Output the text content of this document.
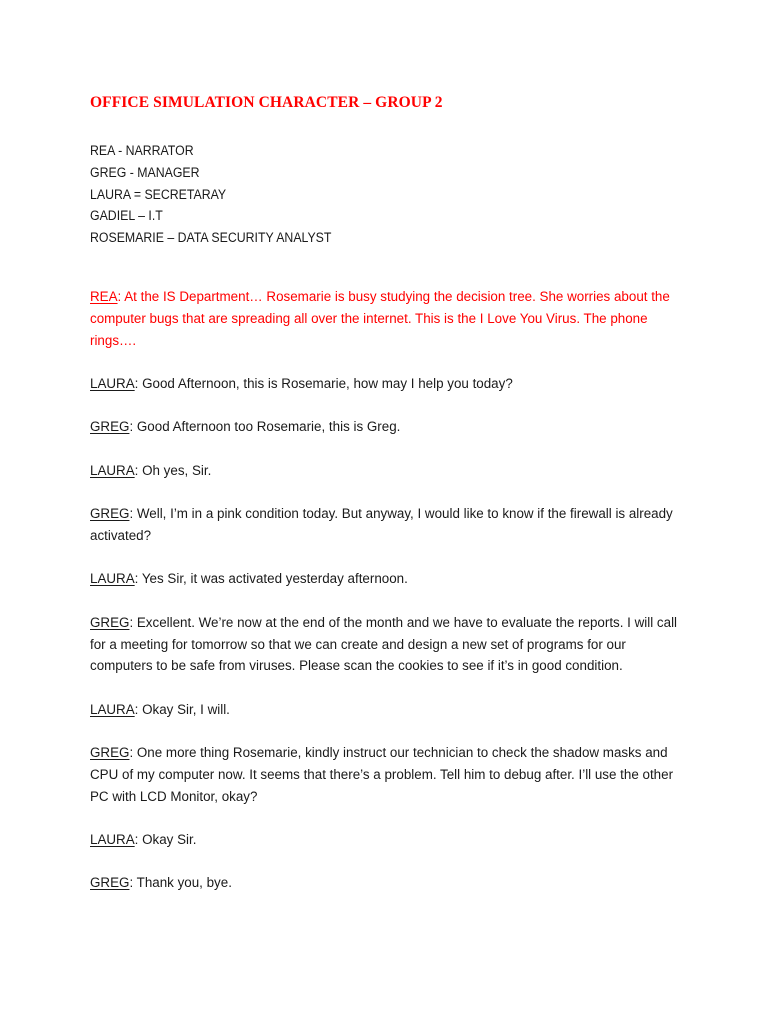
OFFICE SIMULATION CHARACTER – GROUP 2
REA - NARRATOR
GREG - MANAGER
LAURA = SECRETARAY
GADIEL – I.T
ROSEMARIE – DATA SECURITY ANALYST

REA: At the IS Department… Rosemarie is busy studying the decision tree. She worries about the computer bugs that are spreading all over the internet. This is the I Love You Virus. The phone rings….

LAURA: Good Afternoon, this is Rosemarie, how may I help you today?

GREG: Good Afternoon too Rosemarie, this is Greg.

LAURA: Oh yes, Sir.

GREG: Well, I’m in a pink condition today. But anyway, I would like to know if the firewall is already activated?

LAURA: Yes Sir, it was activated yesterday afternoon.

GREG: Excellent. We’re now at the end of the month and we have to evaluate the reports. I will call for a meeting for tomorrow so that we can create and design a new set of programs for our computers to be safe from viruses. Please scan the cookies to see if it’s in good condition.

LAURA: Okay Sir, I will.

GREG: One more thing Rosemarie, kindly instruct our technician to check the shadow masks and CPU of my computer now. It seems that there’s a problem. Tell him to debug after. I’ll use the other PC with LCD Monitor, okay?

LAURA: Okay Sir.

GREG: Thank you, bye.
